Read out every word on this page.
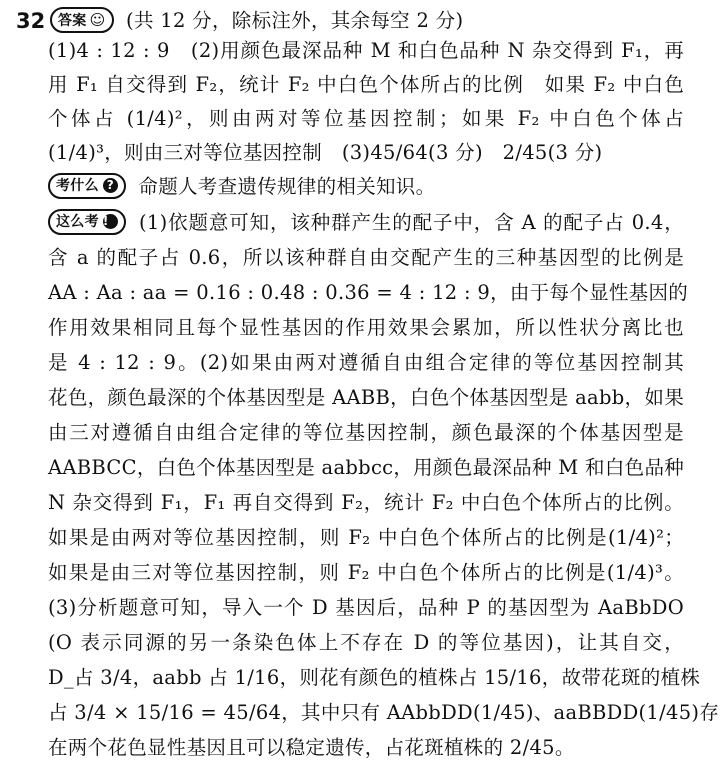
32 答案 ☺ (共 12 分，除标注外，其余每空 2 分)
(1)4 : 12 : 9　(2)用颜色最深品种 M 和白色品种 N 杂交得到 F₁，再
用 F₁ 自交得到 F₂，统计 F₂ 中白色个体所占的比例　如果 F₂ 中白色
个体占 (1/4)²，则由两对等位基因控制；如果 F₂ 中白色个体占
(1/4)³，则由三对等位基因控制　(3)45/64(3 分)　2/45(3 分)
考什么 ? 命题人考查遗传规律的相关知识。
这么考 ! (1)依题意可知，该种群产生的配子中，含 A 的配子占 0.4，
含 a 的配子占 0.6，所以该种群自由交配产生的三种基因型的比例是
AA : Aa : aa = 0.16 : 0.48 : 0.36 = 4 : 12 : 9，由于每个显性基因的
作用效果相同且每个显性基因的作用效果会累加，所以性状分离比也
是 4 : 12 : 9。(2)如果由两对遵循自由组合定律的等位基因控制其
花色，颜色最深的个体基因型是 AABB，白色个体基因型是 aabb，如果
由三对遵循自由组合定律的等位基因控制，颜色最深的个体基因型是
AABBCC，白色个体基因型是 aabbcc，用颜色最深品种 M 和白色品种
N 杂交得到 F₁，F₁ 再自交得到 F₂，统计 F₂ 中白色个体所占的比例。
如果是由两对等位基因控制，则 F₂ 中白色个体所占的比例是(1/4)²；
如果是由三对等位基因控制，则 F₂ 中白色个体所占的比例是(1/4)³。
(3)分析题意可知，导入一个 D 基因后，品种 P 的基因型为 AaBbDO
(O 表示同源的另一条染色体上不存在 D 的等位基因)，让其自交，
D_占 3/4，aabb 占 1/16，则花有颜色的植株占 15/16，故带花斑的植株
占 3/4 × 15/16 = 45/64，其中只有 AAbbDD(1/45)、aaBBDD(1/45)存
在两个花色显性基因且可以稳定遗传，占花斑植株的 2/45。
